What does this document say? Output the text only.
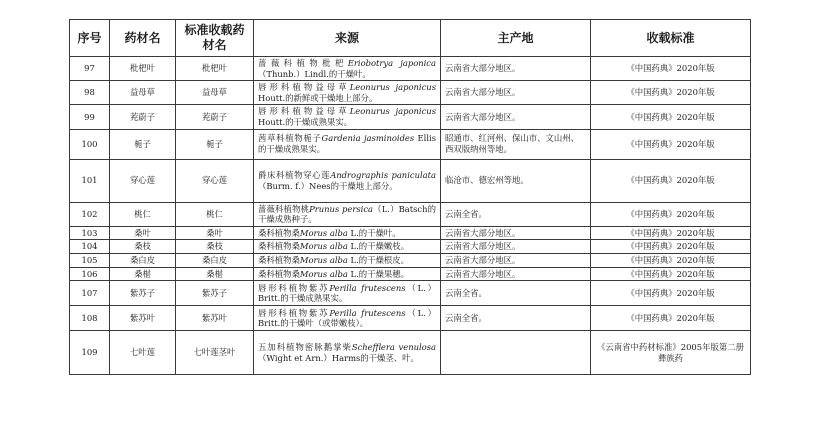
序号	药材名	标准收载药材名	来源	主产地	收载标准
97	枇杷叶	枇杷叶	蔷薇科植物枇杷Eriobotrya japonica（Thunb.）Lindl.的干燥叶。	云南省大部分地区。	《中国药典》2020年版
98	益母草	益母草	唇形科植物益母草Leonurus japonicus Houtt.的新鲜或干燥地上部分。	云南省大部分地区。	《中国药典》2020年版
99	茺蔚子	茺蔚子	唇形科植物益母草Leonurus japonicus Houtt.的干燥成熟果实。	云南省大部分地区。	《中国药典》2020年版
100	栀子	栀子	茜草科植物栀子Gardenia jasminoides Ellis的干燥成熟果实。	昭通市、红河州、保山市、文山州、西双版纳州等地。	《中国药典》2020年版
101	穿心莲	穿心莲	爵床科植物穿心莲Andrographis paniculata（Burm. f.）Nees的干燥地上部分。	临沧市、德宏州等地。	《中国药典》2020年版
102	桃仁	桃仁	蔷薇科植物桃Prunus persica（L.）Batsch的干燥成熟种子。	云南全省。	《中国药典》2020年版
103	桑叶	桑叶	桑科植物桑Morus alba L.的干燥叶。	云南省大部分地区。	《中国药典》2020年版
104	桑枝	桑枝	桑科植物桑Morus alba L.的干燥嫩枝。	云南省大部分地区。	《中国药典》2020年版
105	桑白皮	桑白皮	桑科植物桑Morus alba L.的干燥根皮。	云南省大部分地区。	《中国药典》2020年版
106	桑椹	桑椹	桑科植物桑Morus alba L.的干燥果穗。	云南省大部分地区。	《中国药典》2020年版
107	紫苏子	紫苏子	唇形科植物紫苏Perilla frutescens（L.）Britt.的干燥成熟果实。	云南全省。	《中国药典》2020年版
108	紫苏叶	紫苏叶	唇形科植物紫苏Perilla frutescens（L.）Britt.的干燥叶（或带嫩枝）。	云南全省。	《中国药典》2020年版
109	七叶莲	七叶莲茎叶	五加科植物密脉鹅掌柴Schefflera venulosa（Wight et Arn.）Harms的干燥茎、叶。		《云南省中药材标准》2005年版第二册彝族药
